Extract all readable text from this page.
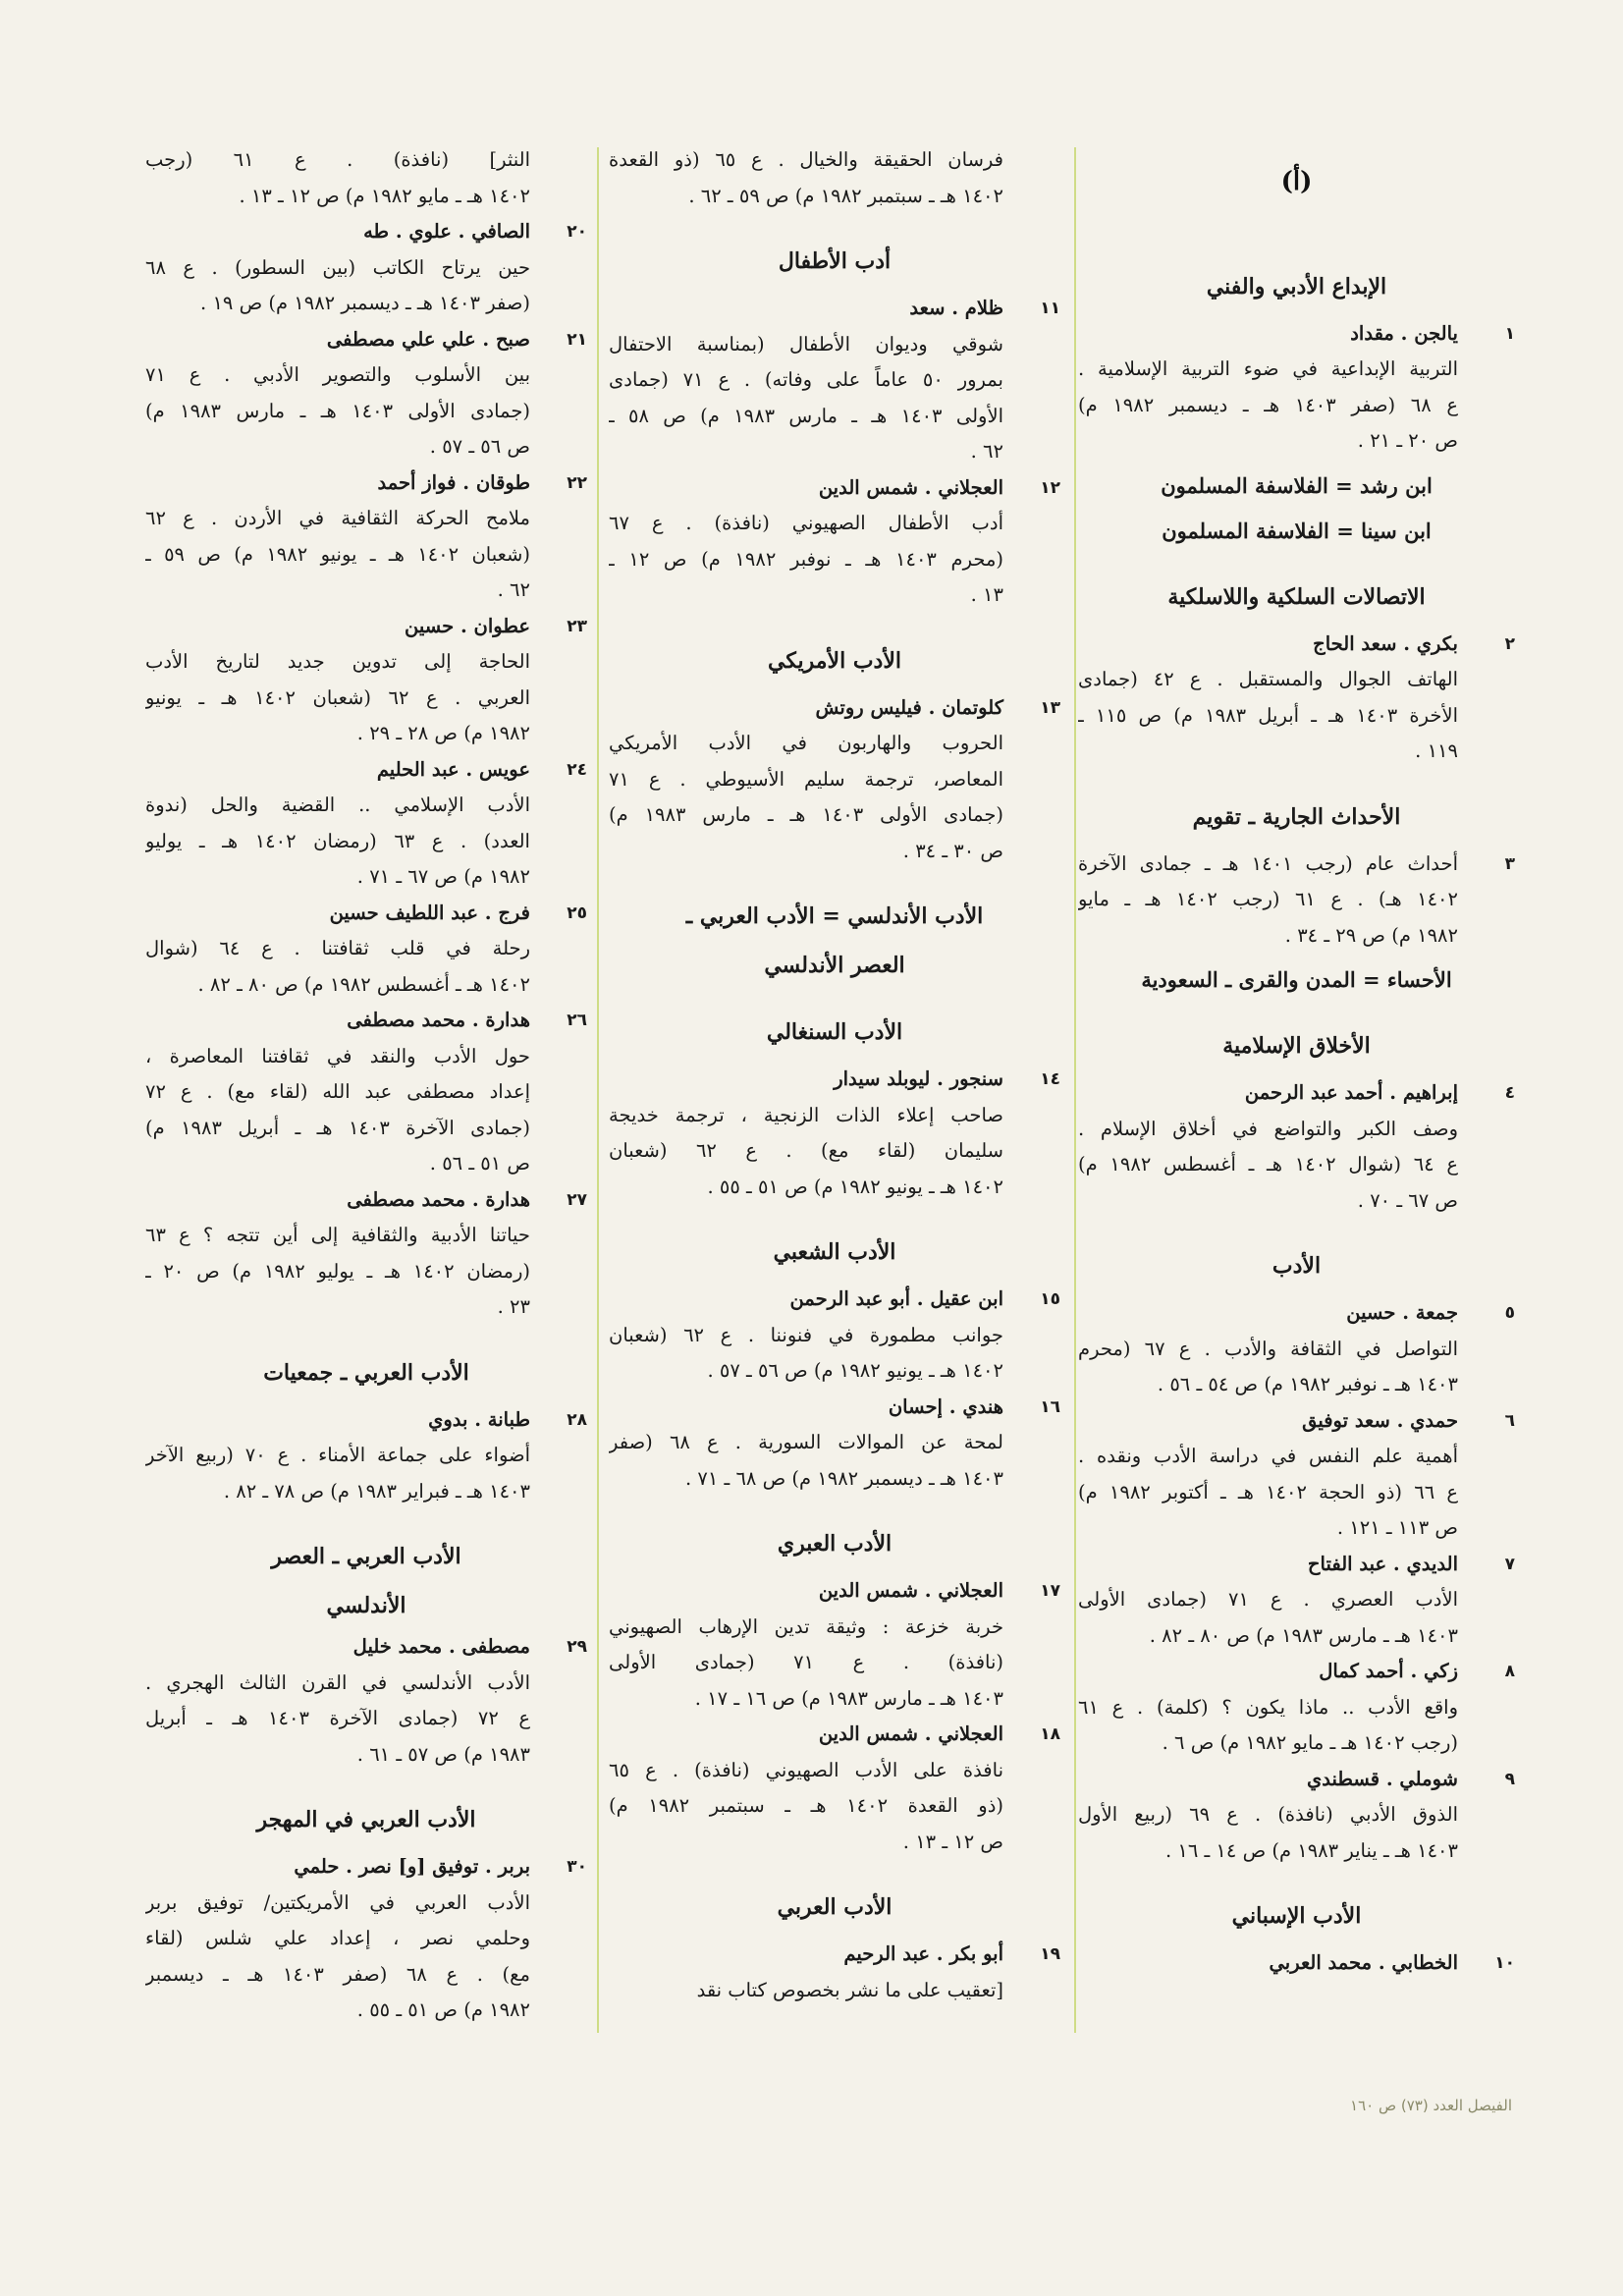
(أ)
الإبداع الأدبي والفني
١
يالجن . مقداد
التربية الإبداعية في ضوء التربية الإسلامية .
ع ٦٨ (صفر ١٤٠٣ هـ ـ ديسمبر ١٩٨٢ م)
ص ٢٠ ـ ٢١ .
ابن رشد = الفلاسفة المسلمون
ابن سينا = الفلاسفة المسلمون
الاتصالات السلكية واللاسلكية
٢
بكري . سعد الحاج
الهاتف الجوال والمستقبل . ع ٤٢ (جمادى
الأخرة ١٤٠٣ هـ ـ أبريل ١٩٨٣ م) ص ١١٥ ـ
١١٩ .
الأحداث الجارية ـ تقويم
٣
أحداث عام (رجب ١٤٠١ هـ ـ جمادى الآخرة
١٤٠٢ هـ) . ع ٦١ (رجب ١٤٠٢ هـ ـ مايو
١٩٨٢ م) ص ٢٩ ـ ٣٤ .
الأحساء = المدن والقرى ـ السعودية
الأخلاق الإسلامية
٤
إبراهيم . أحمد عبد الرحمن
وصف الكبر والتواضع في أخلاق الإسلام .
ع ٦٤ (شوال ١٤٠٢ هـ ـ أغسطس ١٩٨٢ م)
ص ٦٧ ـ ٧٠ .
الأدب
٥
جمعة . حسين
التواصل في الثقافة والأدب . ع ٦٧ (محرم
١٤٠٣ هـ ـ نوفبر ١٩٨٢ م) ص ٥٤ ـ ٥٦ .
٦
حمدي . سعد توفيق
أهمية علم النفس في دراسة الأدب ونقده .
ع ٦٦ (ذو الحجة ١٤٠٢ هـ ـ أكتوبر ١٩٨٢ م)
ص ١١٣ ـ ١٢١ .
٧
الديدي . عبد الفتاح
الأدب العصري . ع ٧١ (جمادى الأولى
١٤٠٣ هـ ـ مارس ١٩٨٣ م) ص ٨٠ ـ ٨٢ .
٨
زكي . أحمد كمال
واقع الأدب .. ماذا يكون ؟ (كلمة) . ع ٦١
(رجب ١٤٠٢ هـ ـ مايو ١٩٨٢ م) ص ٦ .
٩
شوملي . قسطندي
الذوق الأدبي (نافذة) . ع ٦٩ (ربيع الأول
١٤٠٣ هـ ـ يناير ١٩٨٣ م) ص ١٤ ـ ١٦ .
الأدب الإسباني
١٠
الخطابي . محمد العربي
فرسان الحقيقة والخيال . ع ٦٥ (ذو القعدة
١٤٠٢ هـ ـ سبتمبر ١٩٨٢ م) ص ٥٩ ـ ٦٢ .
أدب الأطفال
١١
ظلام . سعد
شوقي وديوان الأطفال (بمناسبة الاحتفال
بمرور ٥٠ عاماً على وفاته) . ع ٧١ (جمادى
الأولى ١٤٠٣ هـ ـ مارس ١٩٨٣ م) ص ٥٨ ـ
٦٢ .
١٢
العجلاني . شمس الدين
أدب الأطفال الصهيوني (نافذة) . ع ٦٧
(محرم ١٤٠٣ هـ ـ نوفبر ١٩٨٢ م) ص ١٢ ـ
١٣ .
الأدب الأمريكي
١٣
كلوتمان . فيليس روتش
الحروب والهاربون في الأدب الأمريكي
المعاصر، ترجمة سليم الأسيوطي . ع ٧١
(جمادى الأولى ١٤٠٣ هـ ـ مارس ١٩٨٣ م)
ص ٣٠ ـ ٣٤ .
الأدب الأندلسي = الأدب العربي ـ
العصر الأندلسي
الأدب السنغالي
١٤
سنجور . ليوبلد سيدار
صاحب إعلاء الذات الزنجية ، ترجمة خديجة
سليمان (لقاء مع) . ع ٦٢ (شعبان
١٤٠٢ هـ ـ يونيو ١٩٨٢ م) ص ٥١ ـ ٥٥ .
الأدب الشعبي
١٥
ابن عقيل . أبو عبد الرحمن
جوانب مطمورة في فنوننا . ع ٦٢ (شعبان
١٤٠٢ هـ ـ يونيو ١٩٨٢ م) ص ٥٦ ـ ٥٧ .
١٦
هندي . إحسان
لمحة عن الموالات السورية . ع ٦٨ (صفر
١٤٠٣ هـ ـ ديسمبر ١٩٨٢ م) ص ٦٨ ـ ٧١ .
الأدب العبري
١٧
العجلاني . شمس الدين
خربة خزعة : وثيقة تدين الإرهاب الصهيوني
(نافذة) . ع ٧١ (جمادى الأولى
١٤٠٣ هـ ـ مارس ١٩٨٣ م) ص ١٦ ـ ١٧ .
١٨
العجلاني . شمس الدين
نافذة على الأدب الصهيوني (نافذة) . ع ٦٥
(ذو القعدة ١٤٠٢ هـ ـ سبتمبر ١٩٨٢ م)
ص ١٢ ـ ١٣ .
الأدب العربي
١٩
أبو بكر . عبد الرحيم
[تعقيب على ما نشر بخصوص كتاب نقد
النثر] (نافذة) . ع ٦١ (رجب
١٤٠٢ هـ ـ مايو ١٩٨٢ م) ص ١٢ ـ ١٣ .
٢٠
الصافي . علوي . طه
حين يرتاح الكاتب (بين السطور) . ع ٦٨
(صفر ١٤٠٣ هـ ـ ديسمبر ١٩٨٢ م) ص ١٩ .
٢١
صبح . علي علي مصطفى
بين الأسلوب والتصوير الأدبي . ع ٧١
(جمادى الأولى ١٤٠٣ هـ ـ مارس ١٩٨٣ م)
ص ٥٦ ـ ٥٧ .
٢٢
طوقان . فواز أحمد
ملامح الحركة الثقافية في الأردن . ع ٦٢
(شعبان ١٤٠٢ هـ ـ يونيو ١٩٨٢ م) ص ٥٩ ـ
٦٢ .
٢٣
عطوان . حسين
الحاجة إلى تدوين جديد لتاريخ الأدب
العربي . ع ٦٢ (شعبان ١٤٠٢ هـ ـ يونيو
١٩٨٢ م) ص ٢٨ ـ ٢٩ .
٢٤
عويس . عبد الحليم
الأدب الإسلامي .. القضية والحل (ندوة
العدد) . ع ٦٣ (رمضان ١٤٠٢ هـ ـ يوليو
١٩٨٢ م) ص ٦٧ ـ ٧١ .
٢٥
فرج . عبد اللطيف حسين
رحلة في قلب ثقافتنا . ع ٦٤ (شوال
١٤٠٢ هـ ـ أغسطس ١٩٨٢ م) ص ٨٠ ـ ٨٢ .
٢٦
هدارة . محمد مصطفى
حول الأدب والنقد في ثقافتنا المعاصرة ،
إعداد مصطفى عبد الله (لقاء مع) . ع ٧٢
(جمادى الآخرة ١٤٠٣ هـ ـ أبريل ١٩٨٣ م)
ص ٥١ ـ ٥٦ .
٢٧
هدارة . محمد مصطفى
حياتنا الأدبية والثقافية إلى أين تتجه ؟ ع ٦٣
(رمضان ١٤٠٢ هـ ـ يوليو ١٩٨٢ م) ص ٢٠ ـ
٢٣ .
الأدب العربي ـ جمعيات
٢٨
طبانة . بدوي
أضواء على جماعة الأمناء . ع ٧٠ (ربيع الآخر
١٤٠٣ هـ ـ فبراير ١٩٨٣ م) ص ٧٨ ـ ٨٢ .
الأدب العربي ـ العصر
الأندلسي
٢٩
مصطفى . محمد خليل
الأدب الأندلسي في القرن الثالث الهجري .
ع ٧٢ (جمادى الآخرة ١٤٠٣ هـ ـ أبريل
١٩٨٣ م) ص ٥٧ ـ ٦١ .
الأدب العربي في المهجر
٣٠
بربر . توفيق [و] نصر . حلمي
الأدب العربي في الأمريكتين/ توفيق بربر
وحلمي نصر ، إعداد علي شلس (لقاء
مع) . ع ٦٨ (صفر ١٤٠٣ هـ ـ ديسمبر
١٩٨٢ م) ص ٥١ ـ ٥٥ .
الفيصل العدد (٧٣) ص ١٦٠
